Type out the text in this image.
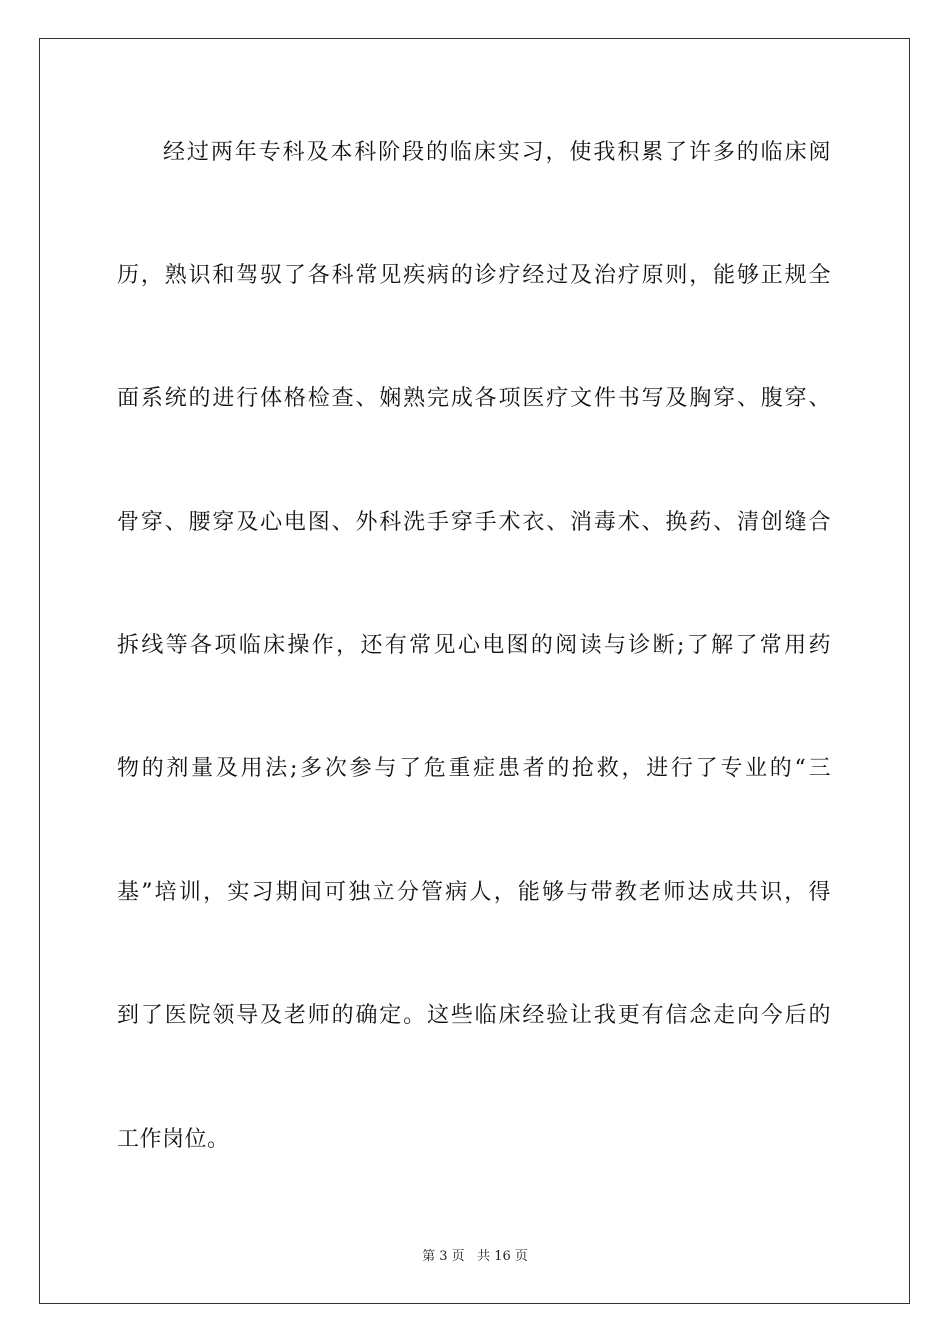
经过两年专科及本科阶段的临床实习，使我积累了许多的临床阅
历，熟识和驾驭了各科常见疾病的诊疗经过及治疗原则，能够正规全
面系统的进行体格检查、娴熟完成各项医疗文件书写及胸穿、腹穿、
骨穿、腰穿及心电图、外科洗手穿手术衣、消毒术、换药、清创缝合
拆线等各项临床操作，还有常见心电图的阅读与诊断;了解了常用药
物的剂量及用法;多次参与了危重症患者的抢救，进行了专业的“三
基”培训，实习期间可独立分管病人，能够与带教老师达成共识，得
到了医院领导及老师的确定。这些临床经验让我更有信念走向今后的
工作岗位。
第 3 页 共 16 页
